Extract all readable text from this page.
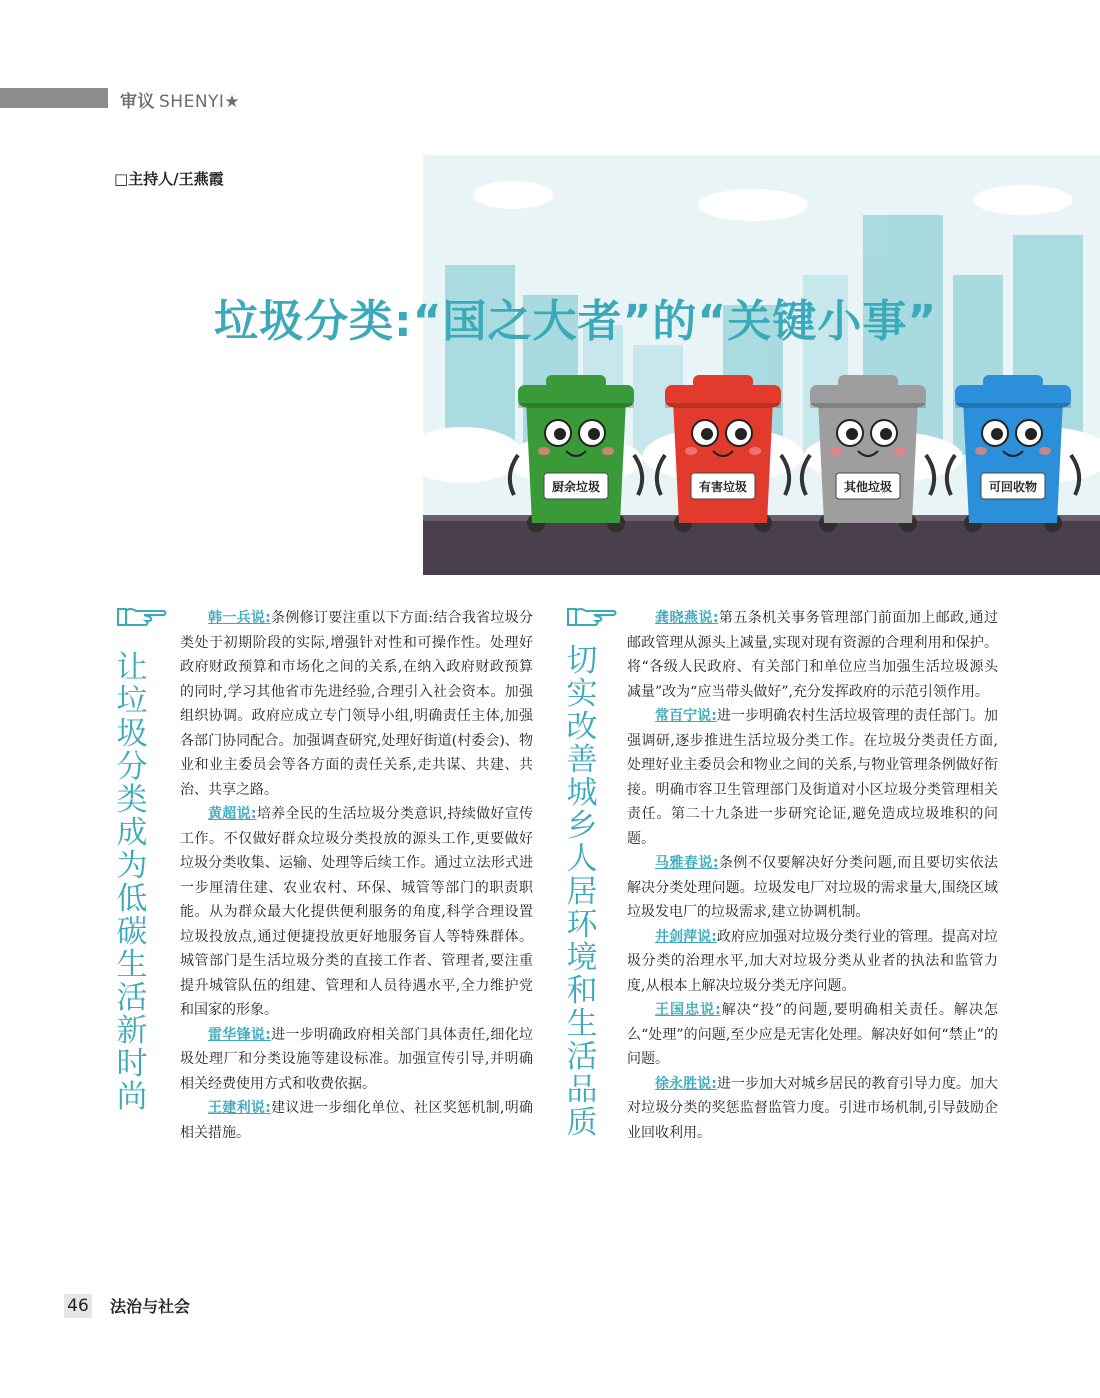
审议 SHENYI★
□主持人/王燕霞
厨余垃圾	有害垃圾	其他垃圾	可回收物
垃圾分类:“国之大者”的“关键小事”
让
垃
圾
分
类
成
为
低
碳
生
活
新
时
尚
切
实
改
善
城
乡
人
居
环
境
和
生
活
品
质

韩一兵说:条例修订要注重以下方面:结合我省垃圾分类处于初期阶段的实际,增强针对性和可操作性。处理好政府财政预算和市场化之间的关系,在纳入政府财政预算的同时,学习其他省市先进经验,合理引入社会资本。加强组织协调。政府应成立专门领导小组,明确责任主体,加强各部门协同配合。加强调查研究,处理好街道(村委会)、物业和业主委员会等各方面的责任关系,走共谋、共建、共治、共享之路。

黄超说:培养全民的生活垃圾分类意识,持续做好宣传工作。不仅做好群众垃圾分类投放的源头工作,更要做好垃圾分类收集、运输、处理等后续工作。通过立法形式进一步厘清住建、农业农村、环保、城管等部门的职责职能。从为群众最大化提供便利服务的角度,科学合理设置垃圾投放点,通过便捷投放更好地服务盲人等特殊群体。城管部门是生活垃圾分类的直接工作者、管理者,要注重提升城管队伍的组建、管理和人员待遇水平,全力维护党和国家的形象。

雷华锋说:进一步明确政府相关部门具体责任,细化垃圾处理厂和分类设施等建设标准。加强宣传引导,并明确相关经费使用方式和收费依据。

王建利说:建议进一步细化单位、社区奖惩机制,明确相关措施。

龚晓燕说:第五条机关事务管理部门前面加上邮政,通过邮政管理从源头上减量,实现对现有资源的合理利用和保护。将“各级人民政府、有关部门和单位应当加强生活垃圾源头减量”改为“应当带头做好”,充分发挥政府的示范引领作用。

常百宁说:进一步明确农村生活垃圾管理的责任部门。加强调研,逐步推进生活垃圾分类工作。在垃圾分类责任方面,处理好业主委员会和物业之间的关系,与物业管理条例做好衔接。明确市容卫生管理部门及街道对小区垃圾分类管理相关责任。第二十九条进一步研究论证,避免造成垃圾堆积的问题。

马雅春说:条例不仅要解决好分类问题,而且要切实依法解决分类处理问题。垃圾发电厂对垃圾的需求量大,围绕区域垃圾发电厂的垃圾需求,建立协调机制。

井剑萍说:政府应加强对垃圾分类行业的管理。提高对垃圾分类的治理水平,加大对垃圾分类从业者的执法和监管力度,从根本上解决垃圾分类无序问题。

王国忠说:解决“投”的问题,要明确相关责任。解决怎么“处理”的问题,至少应是无害化处理。解决好如何“禁止”的问题。

徐永胜说:进一步加大对城乡居民的教育引导力度。加大对垃圾分类的奖惩监督监管力度。引进市场机制,引导鼓励企业回收利用。

46 法治与社会
